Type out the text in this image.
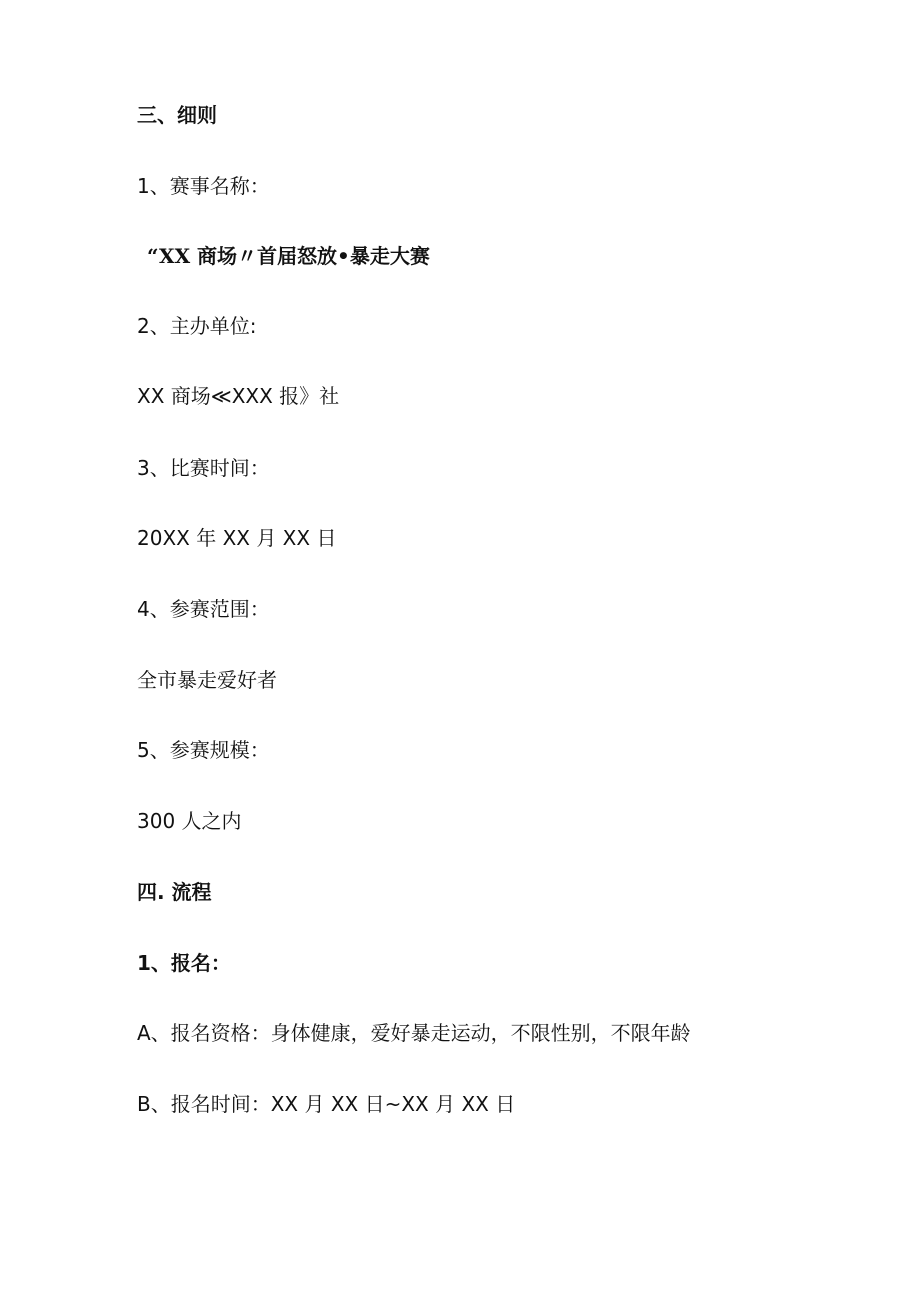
三、细则
1、赛事名称：
“XX 商场〃首届怒放•暴走大赛
2、主办单位:
XX 商场≪XXX 报》社
3、比赛时间：
20XX 年 XX 月 XX 日
4、参赛范围：
全市暴走爱好者
5、参赛规模：
300 人之内
四. 流程
1、报名：
A、报名资格：身体健康，爱好暴走运动，不限性别，不限年龄
B、报名时间：XX 月 XX 日~XX 月 XX 日
